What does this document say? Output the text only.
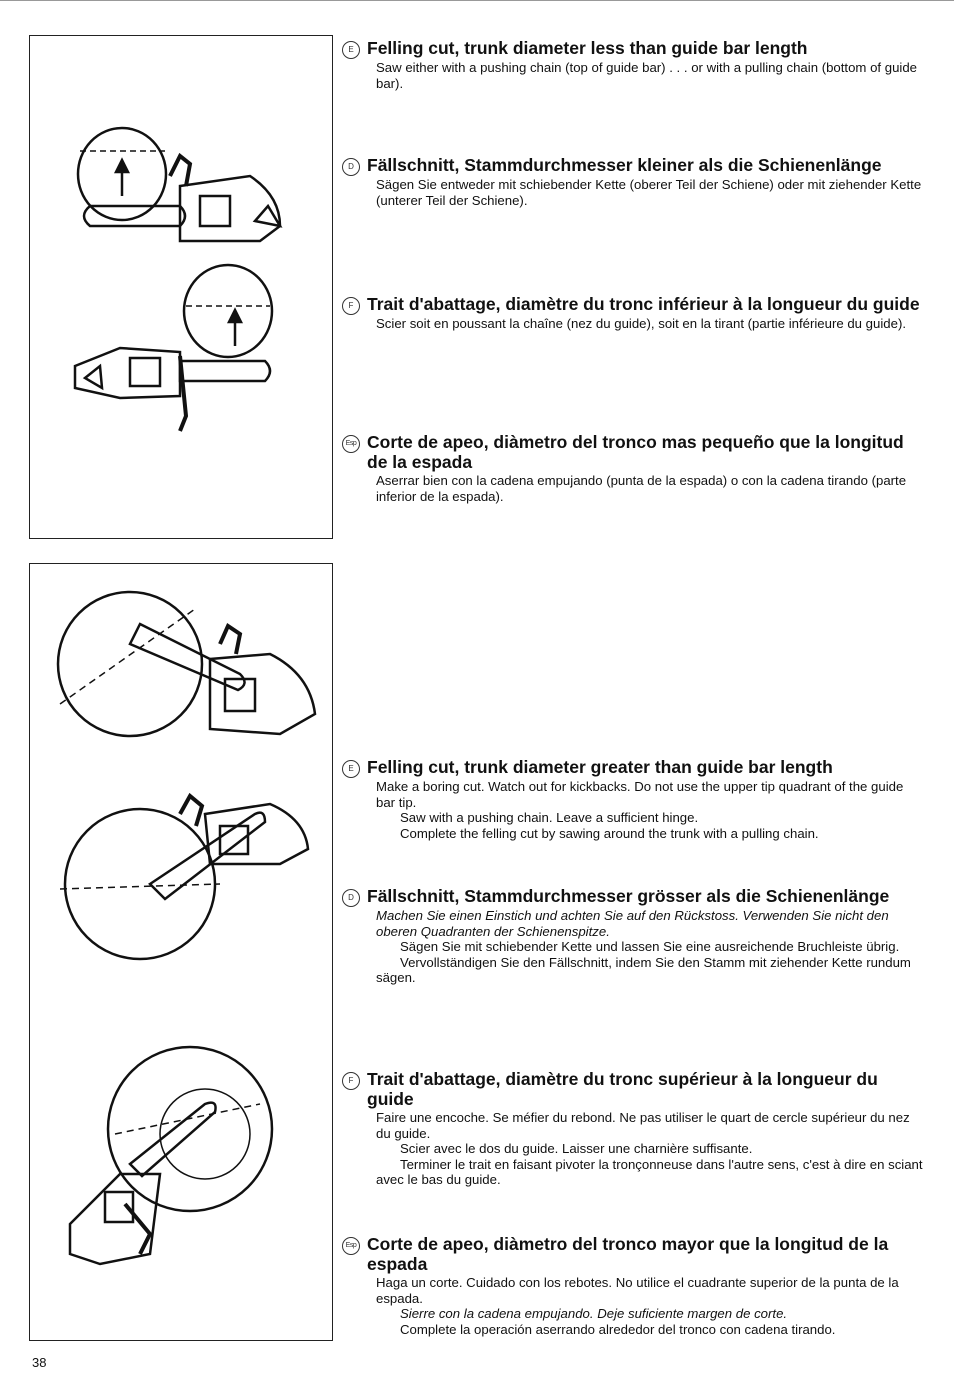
E Felling cut, trunk diameter less than guide bar length

Saw either with a pushing chain (top of guide bar) . . . or with a pulling chain (bottom of guide bar).

D Fällschnitt, Stammdurchmesser kleiner als die Schienenlänge

Sägen Sie entweder mit schiebender Kette (oberer Teil der Schiene) oder mit ziehender Kette (unterer Teil der Schiene).

F Trait d'abattage, diamètre du tronc inférieur à la longueur du guide

Scier soit en poussant la chaîne (nez du guide), soit en la tirant (partie inférieure du guide).

Esp Corte de apeo, diàmetro del tronco mas pequeño que la longitud de la espada

Aserrar bien con la cadena empujando (punta de la espada) o con la cadena tirando (parte inferior de la espada).

E Felling cut, trunk diameter greater than guide bar length

Make a boring cut. Watch out for kickbacks. Do not use the upper tip quadrant of the guide bar tip.

Saw with a pushing chain. Leave a sufficient hinge.

Complete the felling cut by sawing around the trunk with a pulling chain.

D Fällschnitt, Stammdurchmesser grösser als die Schienenlänge

Machen Sie einen Einstich und achten Sie auf den Rückstoss. Verwenden Sie nicht den oberen Quadranten der Schienenspitze.

Sägen Sie mit schiebender Kette und lassen Sie eine ausreichende Bruchleiste übrig.

Vervollständigen Sie den Fällschnitt, indem Sie den Stamm mit ziehender Kette rundum sägen.

F Trait d'abattage, diamètre du tronc supérieur à la longueur du guide

Faire une encoche. Se méfier du rebond. Ne pas utiliser le quart de cercle supérieur du nez du guide.

Scier avec le dos du guide. Laisser une charnière suffisante.

Terminer le trait en faisant pivoter la tronçonneuse dans l'autre sens, c'est à dire en sciant avec le bas du guide.

Esp Corte de apeo, diàmetro del tronco mayor que la longitud de la espada

Haga un corte. Cuidado con los rebotes. No utilice el cuadrante superior de la punta de la espada.

Sierre con la cadena empujando. Deje suficiente margen de corte.

Complete la operación aserrando alrededor del tronco con cadena tirando.

38
